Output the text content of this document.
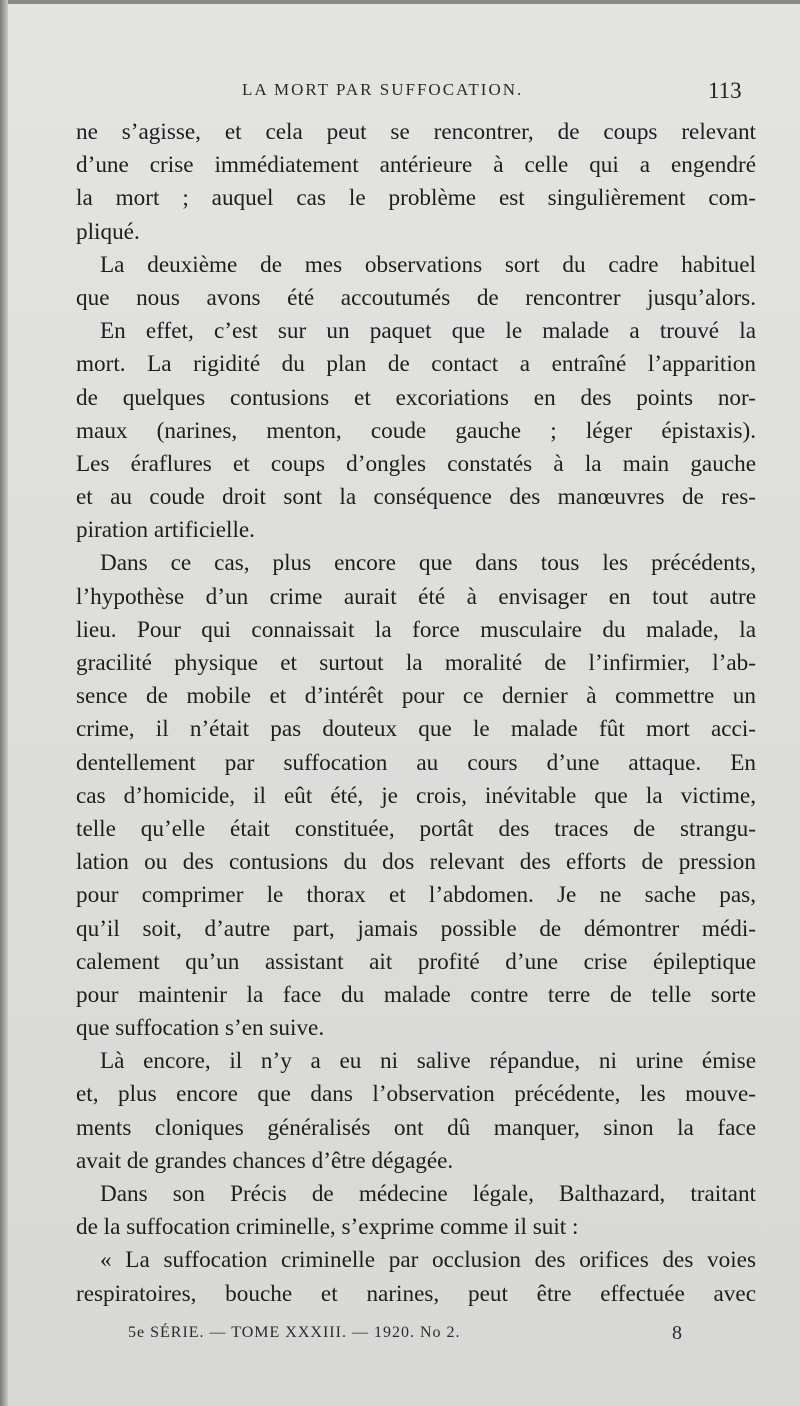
LA MORT PAR SUFFOCATION.	113
ne s’agisse, et cela peut se rencontrer, de coups relevant
d’une crise immédiatement antérieure à celle qui a engendré
la mort ; auquel cas le problème est singulièrement com-
pliqué.
La deuxième de mes observations sort du cadre habituel
que nous avons été accoutumés de rencontrer jusqu’alors.
En effet, c’est sur un paquet que le malade a trouvé la
mort. La rigidité du plan de contact a entraîné l’apparition
de quelques contusions et excoriations en des points nor-
maux (narines, menton, coude gauche ; léger épistaxis).
Les éraflures et coups d’ongles constatés à la main gauche
et au coude droit sont la conséquence des manœuvres de res-
piration artificielle.
Dans ce cas, plus encore que dans tous les précédents,
l’hypothèse d’un crime aurait été à envisager en tout autre
lieu. Pour qui connaissait la force musculaire du malade, la
gracilité physique et surtout la moralité de l’infirmier, l’ab-
sence de mobile et d’intérêt pour ce dernier à commettre un
crime, il n’était pas douteux que le malade fût mort acci-
dentellement par suffocation au cours d’une attaque. En
cas d’homicide, il eût été, je crois, inévitable que la victime,
telle qu’elle était constituée, portât des traces de strangu-
lation ou des contusions du dos relevant des efforts de pression
pour comprimer le thorax et l’abdomen. Je ne sache pas,
qu’il soit, d’autre part, jamais possible de démontrer médi-
calement qu’un assistant ait profité d’une crise épileptique
pour maintenir la face du malade contre terre de telle sorte
que suffocation s’en suive.
Là encore, il n’y a eu ni salive répandue, ni urine émise
et, plus encore que dans l’observation précédente, les mouve-
ments cloniques généralisés ont dû manquer, sinon la face
avait de grandes chances d’être dégagée.
Dans son Précis de médecine légale, Balthazard, traitant
de la suffocation criminelle, s’exprime comme il suit :
« La suffocation criminelle par occlusion des orifices des voies
respiratoires, bouche et narines, peut être effectuée avec
5e SÉRIE. — TOME XXXIII. — 1920. No 2.	8
